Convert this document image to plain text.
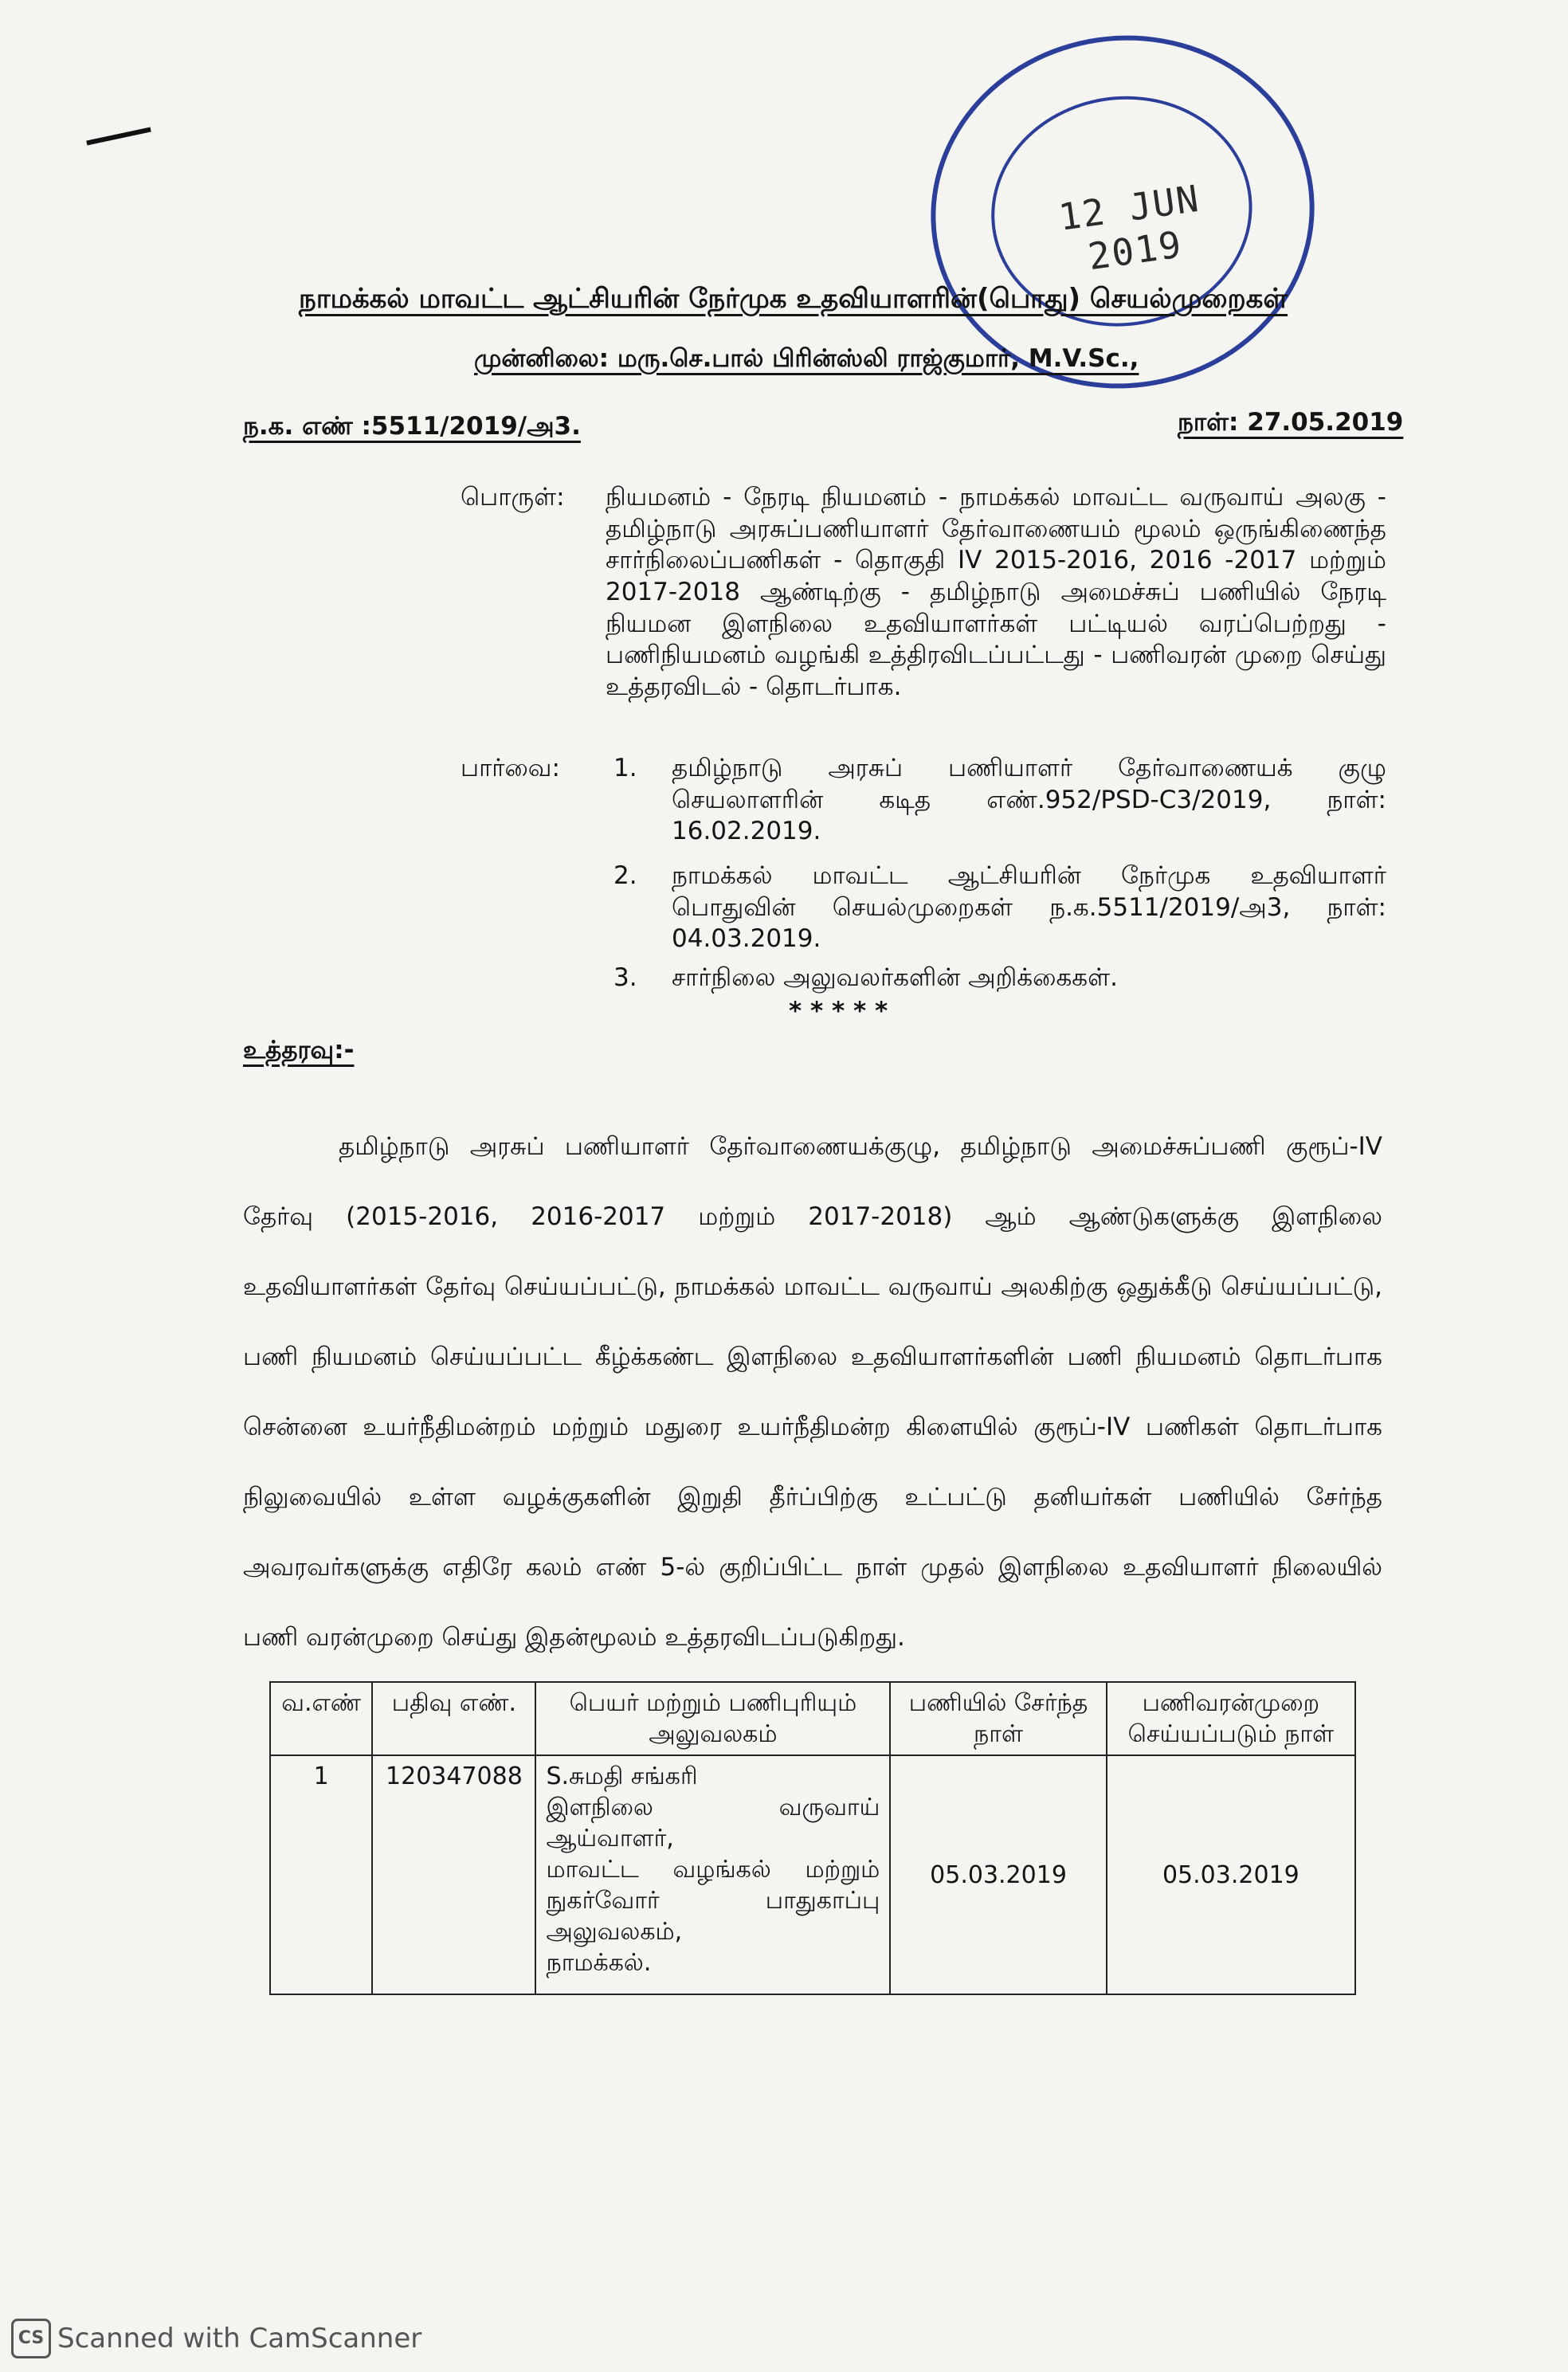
12 JUN 2019
நாமக்கல் மாவட்ட ஆட்சியரின் நேர்முக உதவியாளரின்(பொது) செயல்முறைகள்
முன்னிலை: மரு.செ.பால் பிரின்ஸ்லி ராஜ்குமார், M.V.Sc.,
ந.க. எண் :5511/2019/அ3.	நாள்: 27.05.2019
பொருள்: நியமனம் - நேரடி நியமனம் - நாமக்கல் மாவட்ட வருவாய் அலகு - தமிழ்நாடு அரசுப்பணியாளர் தேர்வாணையம் மூலம் ஒருங்கிணைந்த சார்நிலைப்பணிகள் - தொகுதி IV 2015-2016, 2016 -2017 மற்றும் 2017-2018 ஆண்டிற்கு - தமிழ்நாடு அமைச்சுப் பணியில் நேரடி நியமன இளநிலை உதவியாளர்கள் பட்டியல் வரப்பெற்றது - பணிநியமனம் வழங்கி உத்திரவிடப்பட்டது - பணிவரன் முறை செய்து உத்தரவிடல் - தொடர்பாக.
பார்வை: 1. தமிழ்நாடு அரசுப் பணியாளர் தேர்வாணையக் குழு செயலாளரின் கடித எண்.952/PSD-C3/2019, நாள்: 16.02.2019.
2. நாமக்கல் மாவட்ட ஆட்சியரின் நேர்முக உதவியாளர் பொதுவின் செயல்முறைகள் ந.க.5511/2019/அ3, நாள்: 04.03.2019.
3. சார்நிலை அலுவலர்களின் அறிக்கைகள்.
* * * * *
உத்தரவு:-
தமிழ்நாடு அரசுப் பணியாளர் தேர்வாணையக்குழு, தமிழ்நாடு அமைச்சுப்பணி குரூப்-IV தேர்வு (2015-2016, 2016-2017 மற்றும் 2017-2018) ஆம் ஆண்டுகளுக்கு இளநிலை உதவியாளர்கள் தேர்வு செய்யப்பட்டு, நாமக்கல் மாவட்ட வருவாய் அலகிற்கு ஒதுக்கீடு செய்யப்பட்டு, பணி நியமனம் செய்யப்பட்ட கீழ்க்கண்ட இளநிலை உதவியாளர்களின் பணி நியமனம் தொடர்பாக சென்னை உயர்நீதிமன்றம் மற்றும் மதுரை உயர்நீதிமன்ற கிளையில் குரூப்-IV பணிகள் தொடர்பாக நிலுவையில் உள்ள வழக்குகளின் இறுதி தீர்ப்பிற்கு உட்பட்டு தனியர்கள் பணியில் சேர்ந்த அவரவர்களுக்கு எதிரே கலம் எண் 5-ல் குறிப்பிட்ட நாள் முதல் இளநிலை உதவியாளர் நிலையில் பணி வரன்முறை செய்து இதன்மூலம் உத்தரவிடப்படுகிறது.
வ.எண்	பதிவு எண்.	பெயர் மற்றும் பணிபுரியும் அலுவலகம்	பணியில் சேர்ந்த நாள்	பணிவரன்முறை செய்யப்படும் நாள்
1	120347088	S.சுமதி சங்கரி
இளநிலை வருவாய் ஆய்வாளர்,
மாவட்ட வழங்கல் மற்றும் நுகர்வோர் பாதுகாப்பு அலுவலகம்,
நாமக்கல்.	05.03.2019	05.03.2019
CS Scanned with CamScanner
